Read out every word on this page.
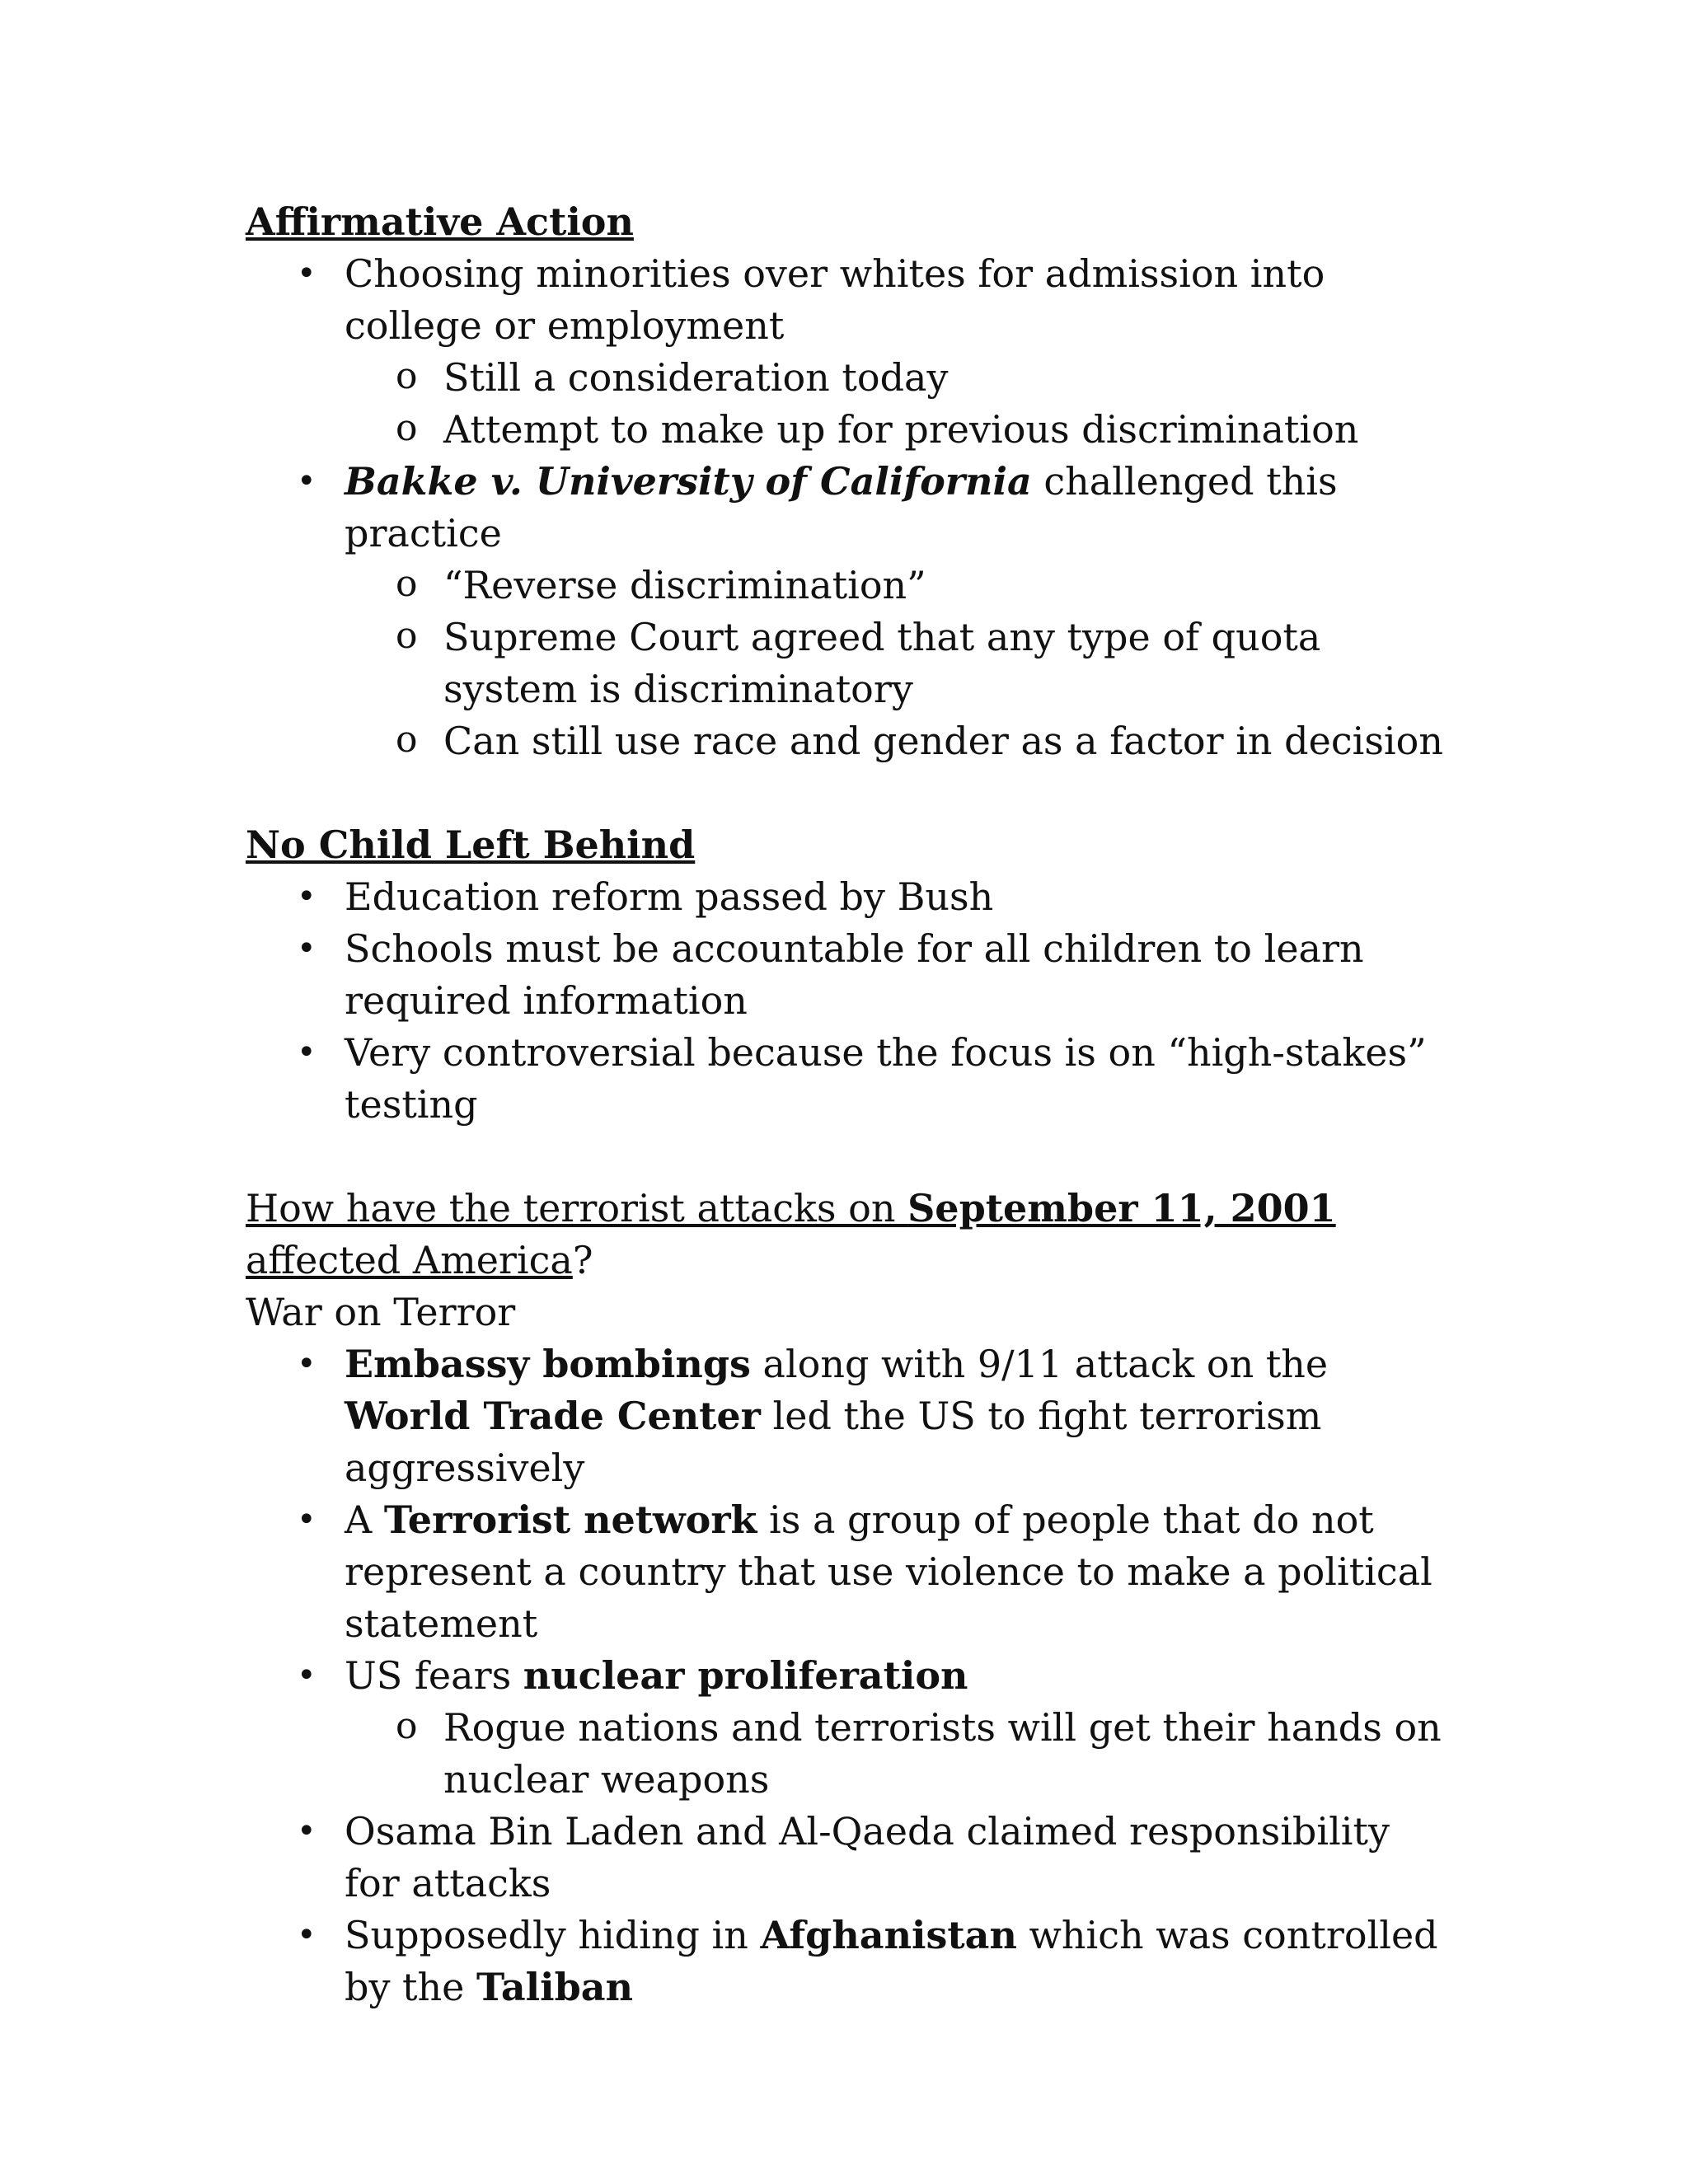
Affirmative Action
• Choosing minorities over whites for admission into college or employment
o Still a consideration today
o Attempt to make up for previous discrimination
• Bakke v. University of California challenged this practice
o “Reverse discrimination”
o Supreme Court agreed that any type of quota system is discriminatory
o Can still use race and gender as a factor in decision
No Child Left Behind
• Education reform passed by Bush
• Schools must be accountable for all children to learn required information
• Very controversial because the focus is on “high-stakes” testing
How have the terrorist attacks on September 11, 2001 affected America?
War on Terror
• Embassy bombings along with 9/11 attack on the World Trade Center led the US to fight terrorism aggressively
• A Terrorist network is a group of people that do not represent a country that use violence to make a political statement
• US fears nuclear proliferation
o Rogue nations and terrorists will get their hands on nuclear weapons
• Osama Bin Laden and Al-Qaeda claimed responsibility for attacks
• Supposedly hiding in Afghanistan which was controlled by the Taliban
